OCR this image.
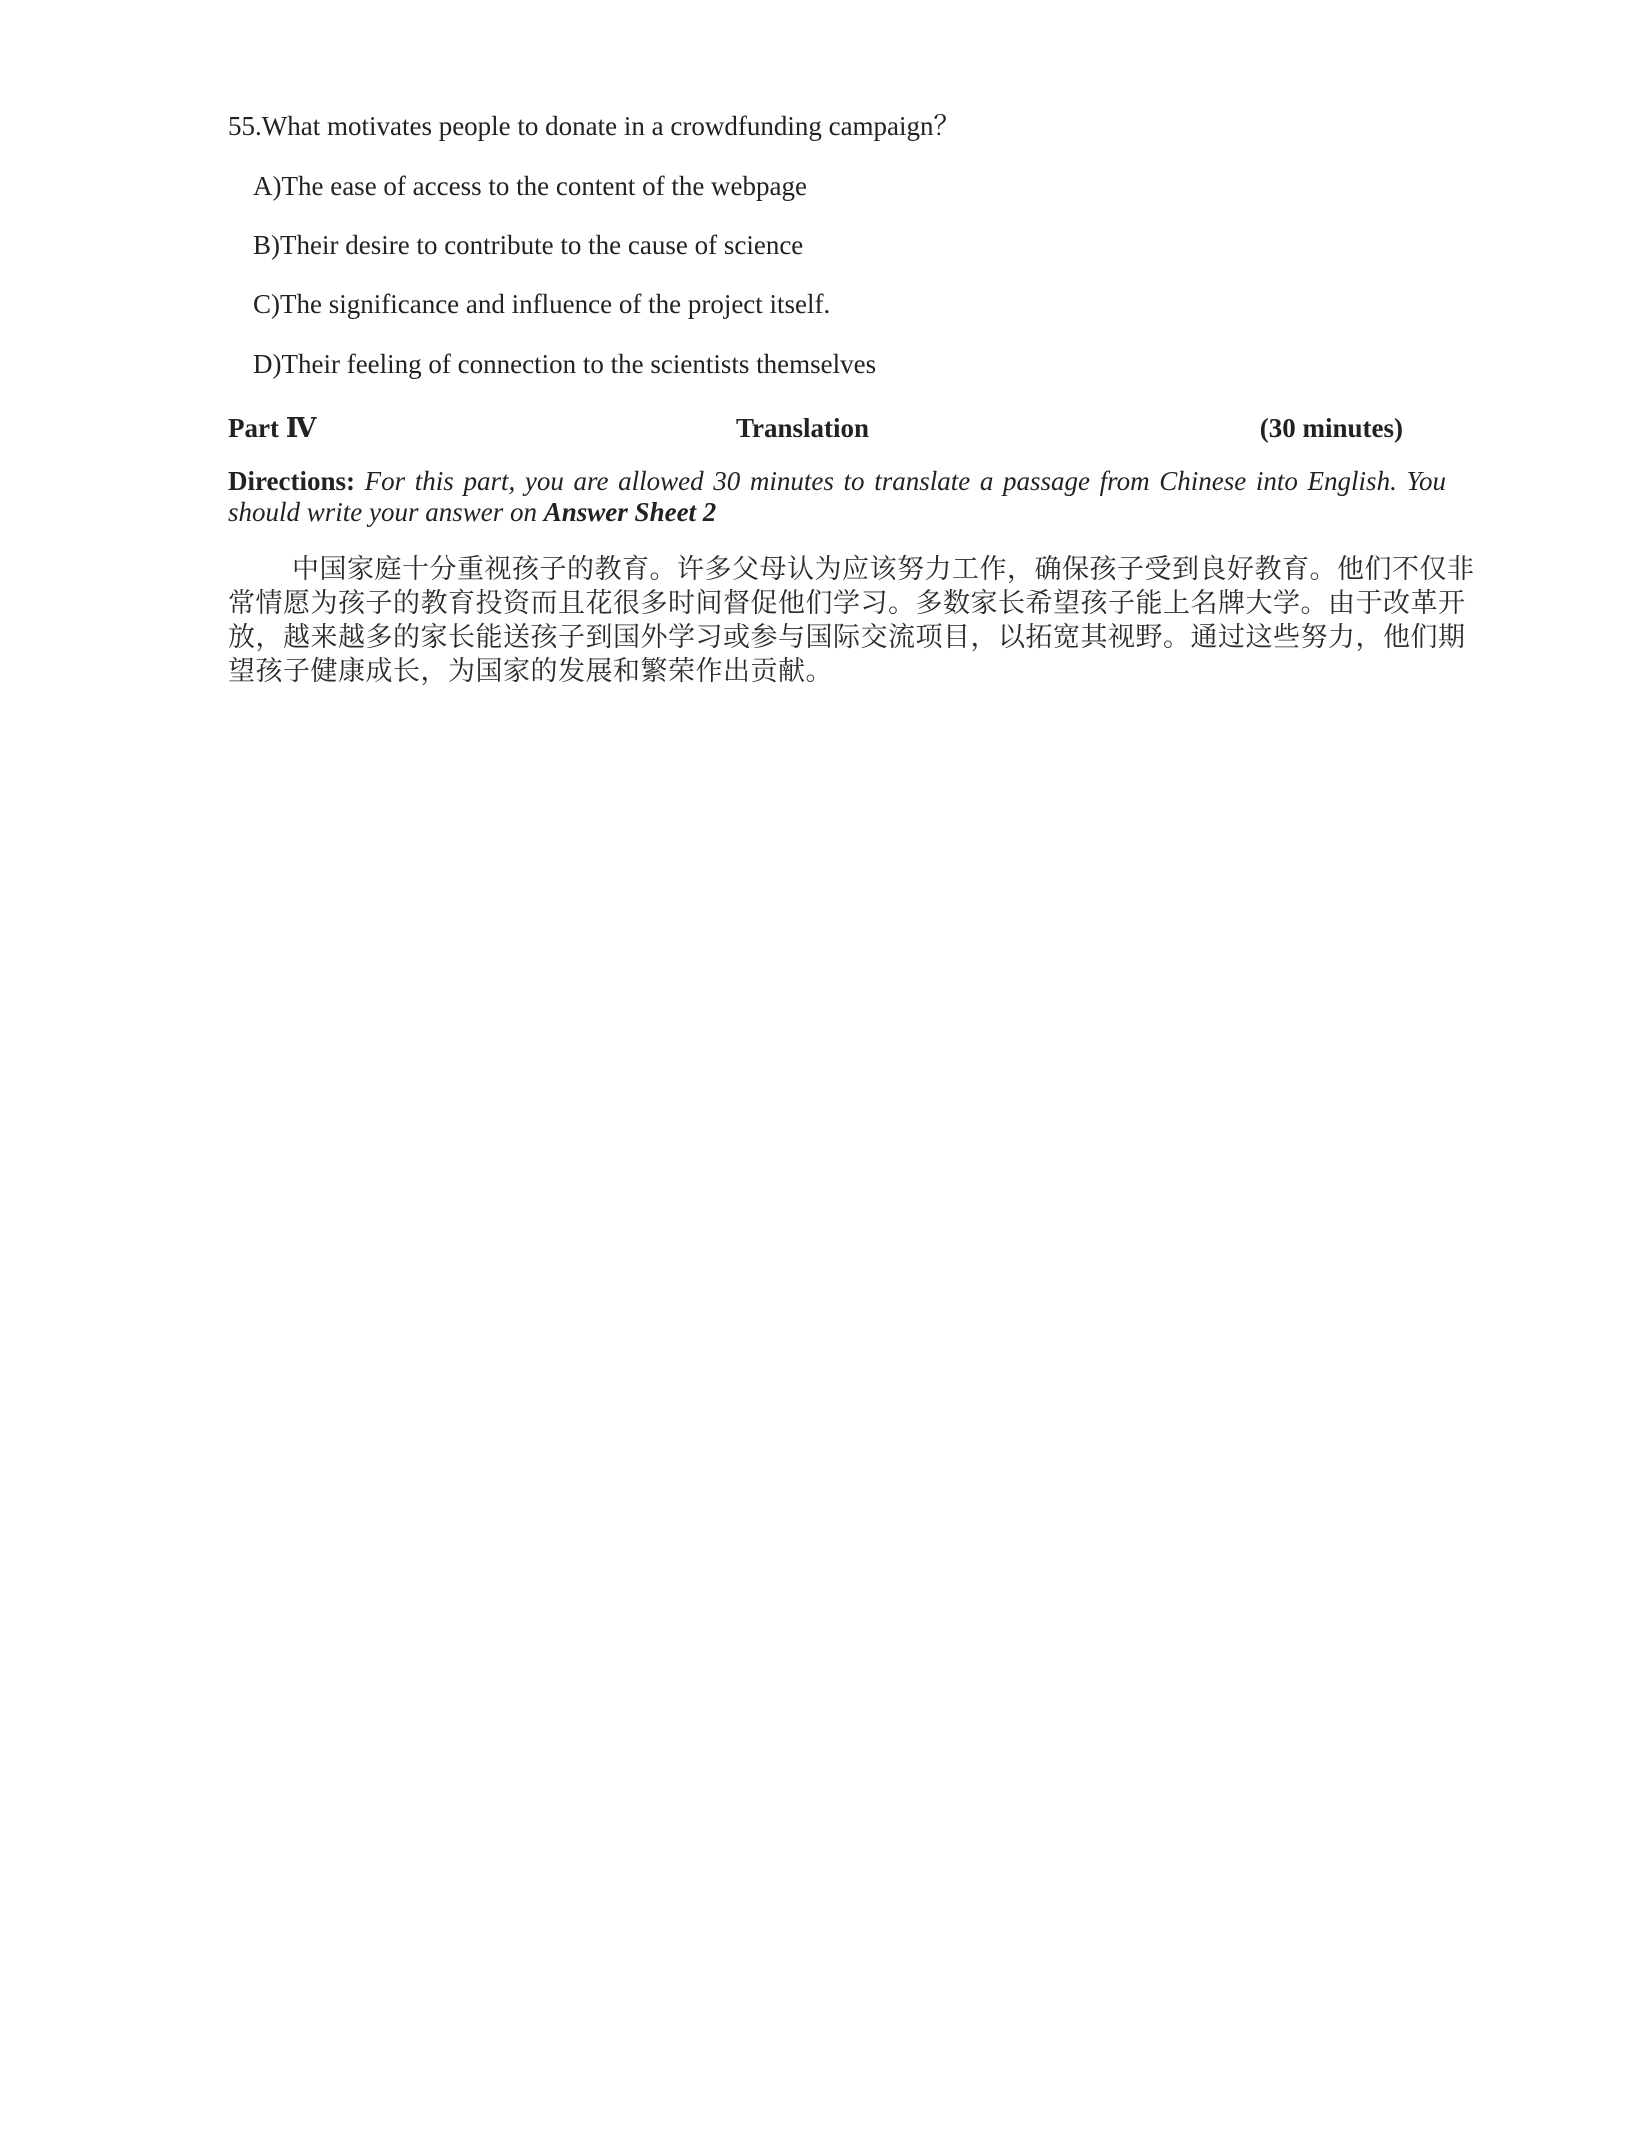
55.What motivates people to donate in a crowdfunding campaign？
A)The ease of access to the content of the webpage
B)Their desire to contribute to the cause of science
C)The significance and influence of the project itself.
D)Their feeling of connection to the scientists themselves
Part Ⅳ	Translation	(30 minutes)
Directions: For this part, you are allowed 30 minutes to translate a passage from Chinese into English. You should write your answer on Answer Sheet 2
中国家庭十分重视孩子的教育。许多父母认为应该努力工作，确保孩子受到良好教育。他们不仅非常情愿为孩子的教育投资而且花很多时间督促他们学习。多数家长希望孩子能上名牌大学。由于改革开放，越来越多的家长能送孩子到国外学习或参与国际交流项目，以拓宽其视野。通过这些努力，他们期望孩子健康成长，为国家的发展和繁荣作出贡献。
